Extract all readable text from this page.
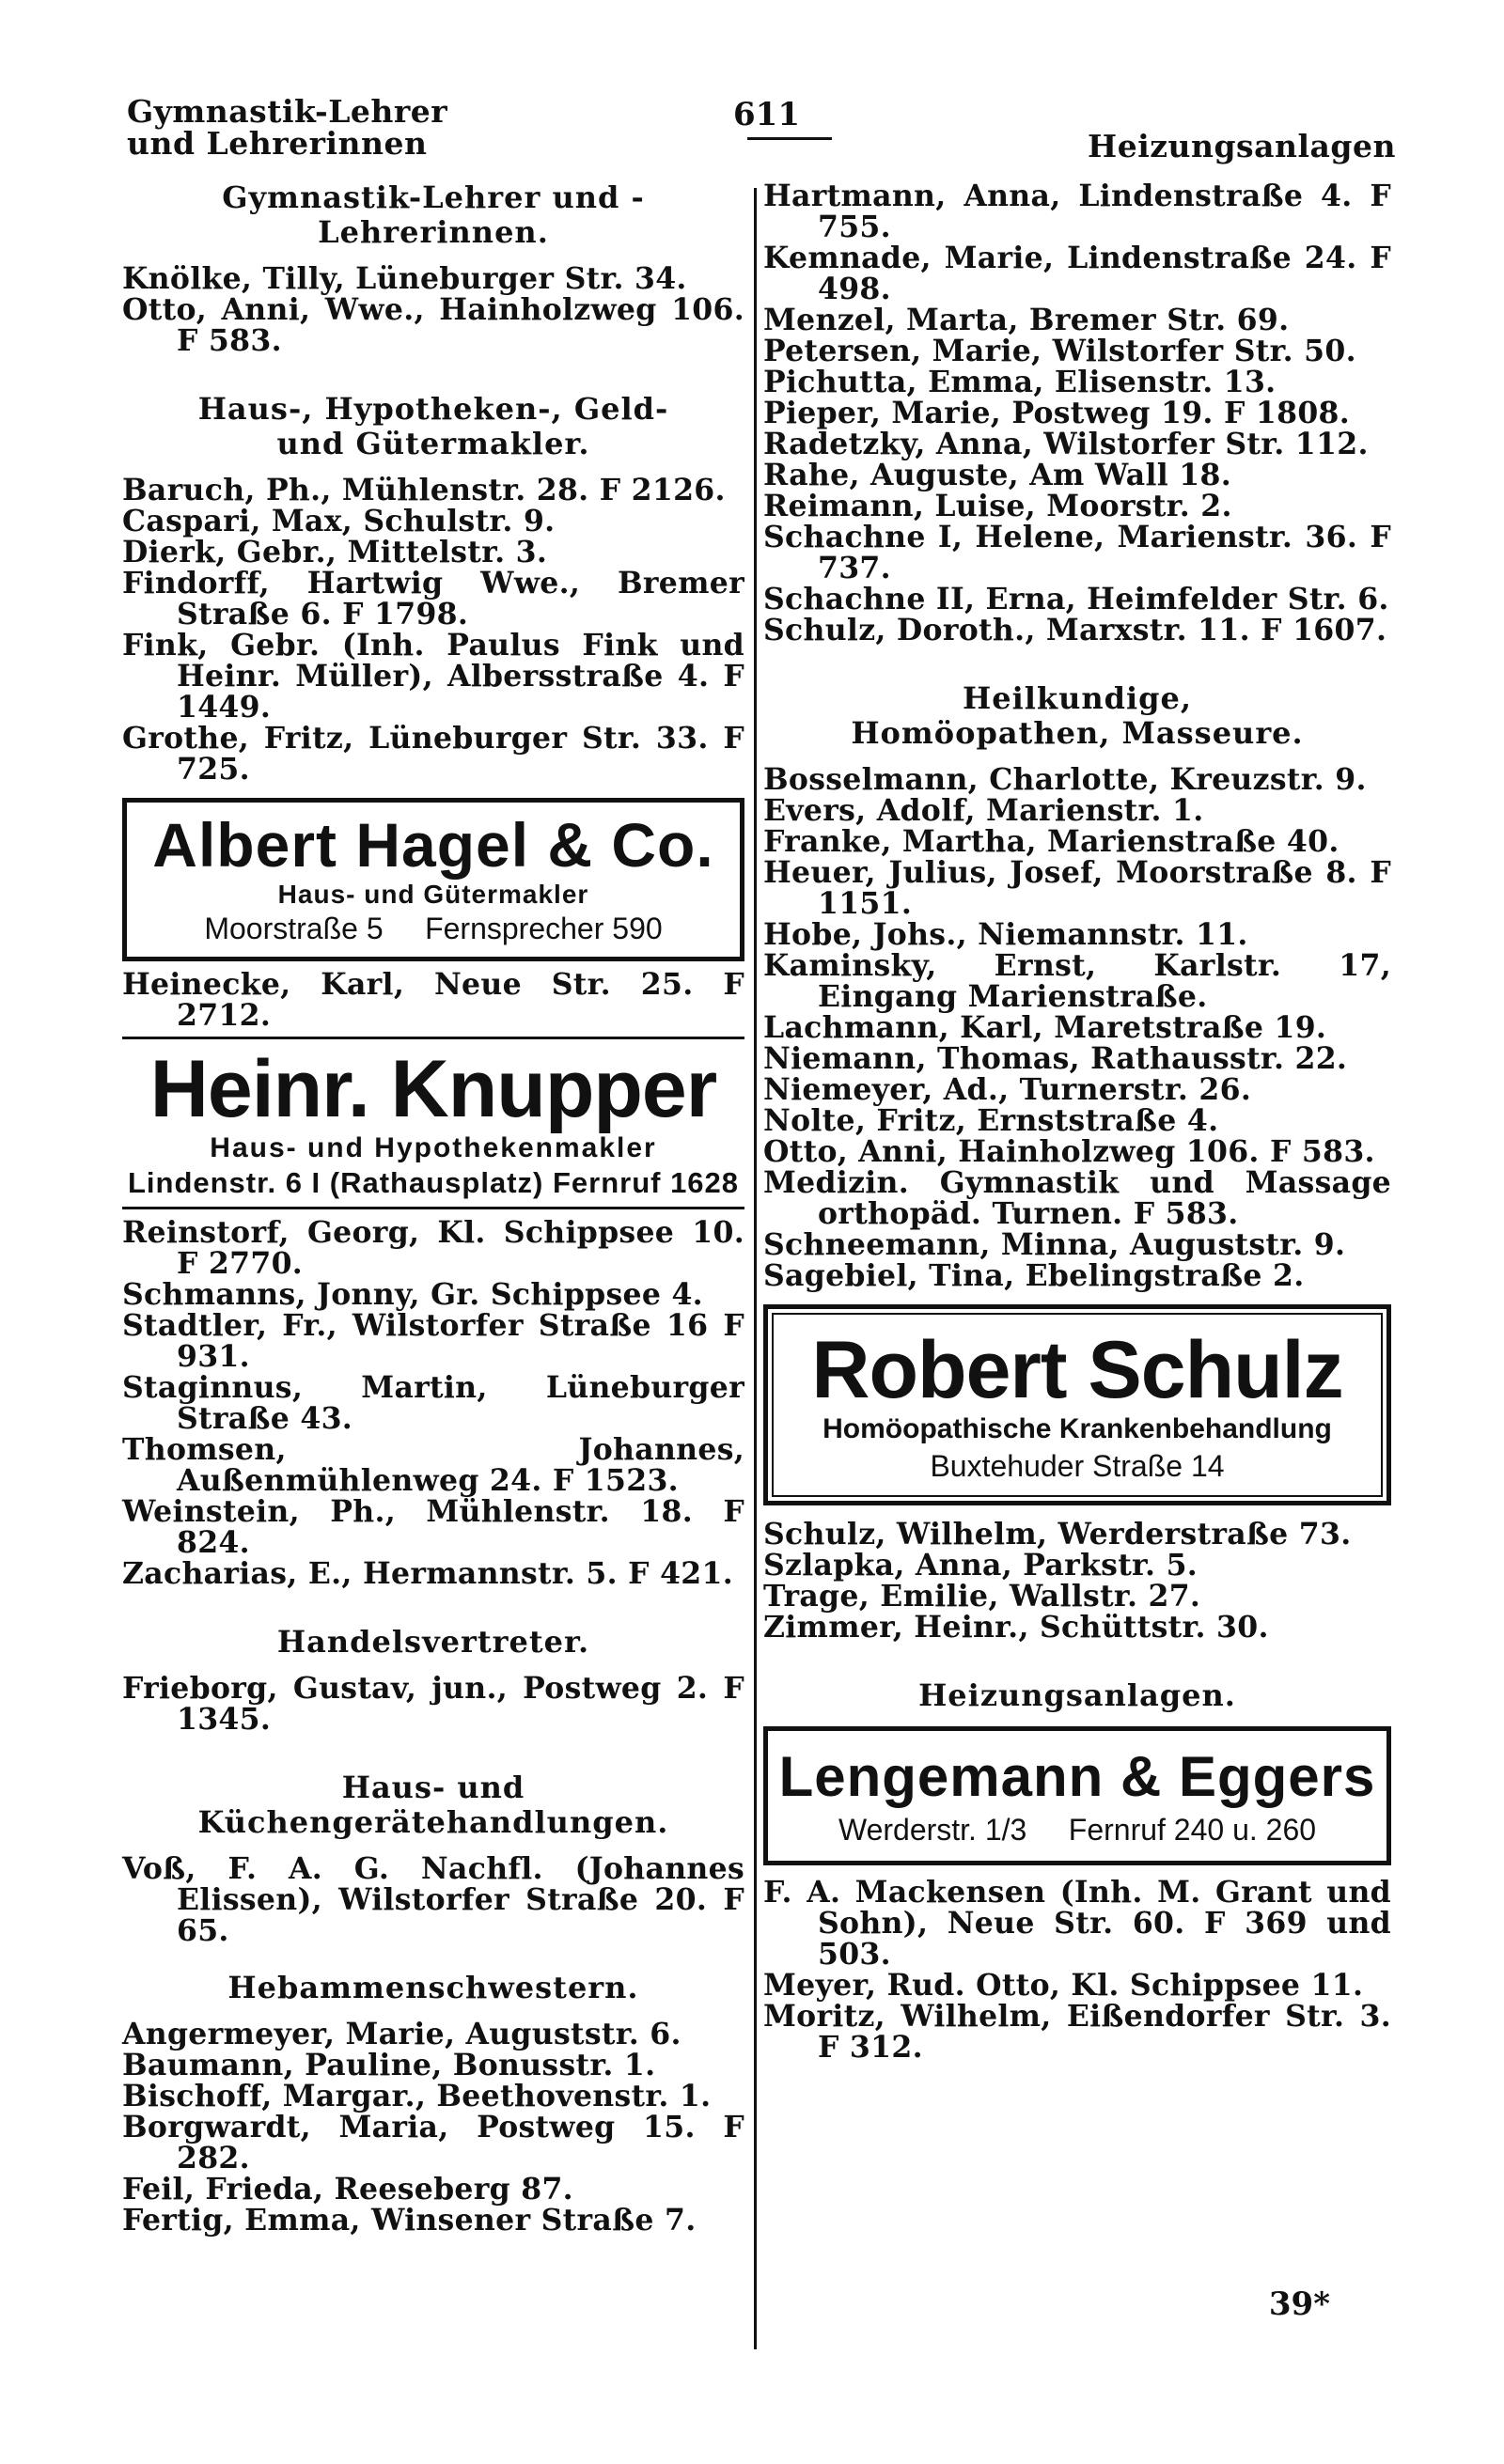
Gymnastik-Lehrer und Lehrerinnen
611
Heizungsanlagen
Gymnastik-Lehrer und -Lehrerinnen.

Knölke, Tilly, Lüneburger Str. 34.

Otto, Anni, Wwe., Hainholzweg 106. F 583.

Haus-, Hypotheken-, Geld- und Gütermakler.

Baruch, Ph., Mühlenstr. 28. F 2126.

Caspari, Max, Schulstr. 9.

Dierk, Gebr., Mittelstr. 3.

Findorff, Hartwig Wwe., Bremer Straße 6. F 1798.

Fink, Gebr. (Inh. Paulus Fink und Heinr. Müller), Albersstraße 4. F 1449.

Grothe, Fritz, Lüneburger Str. 33. F 725.

Albert Hagel & Co.
Haus- und Gütermakler
Moorstraße 5 Fernsprecher 590

Heinecke, Karl, Neue Str. 25. F 2712.

Heinr. Knupper
Haus- und Hypothekenmakler
Lindenstr. 6 I (Rathausplatz) Fernruf 1628

Reinstorf, Georg, Kl. Schippsee 10. F 2770.

Schmanns, Jonny, Gr. Schippsee 4.

Stadtler, Fr., Wilstorfer Straße 16 F 931.

Staginnus, Martin, Lüneburger Straße 43.

Thomsen, Johannes, Außenmühlenweg 24. F 1523.

Weinstein, Ph., Mühlenstr. 18. F 824.

Zacharias, E., Hermannstr. 5. F 421.

Handelsvertreter.

Frieborg, Gustav, jun., Postweg 2. F 1345.

Haus- und Küchengerätehandlungen.

Voß, F. A. G. Nachfl. (Johannes Elissen), Wilstorfer Straße 20. F 65.

Hebammenschwestern.

Angermeyer, Marie, Auguststr. 6.

Baumann, Pauline, Bonusstr. 1.

Bischoff, Margar., Beethovenstr. 1.

Borgwardt, Maria, Postweg 15. F 282.

Feil, Frieda, Reeseberg 87.

Fertig, Emma, Winsener Straße 7.

Hartmann, Anna, Lindenstraße 4. F 755.

Kemnade, Marie, Lindenstraße 24. F 498.

Menzel, Marta, Bremer Str. 69.

Petersen, Marie, Wilstorfer Str. 50.

Pichutta, Emma, Elisenstr. 13.

Pieper, Marie, Postweg 19. F 1808.

Radetzky, Anna, Wilstorfer Str. 112.

Rahe, Auguste, Am Wall 18.

Reimann, Luise, Moorstr. 2.

Schachne I, Helene, Marienstr. 36. F 737.

Schachne II, Erna, Heimfelder Str. 6.

Schulz, Doroth., Marxstr. 11. F 1607.

Heilkundige, Homöopathen, Masseure.

Bosselmann, Charlotte, Kreuzstr. 9.

Evers, Adolf, Marienstr. 1.

Franke, Martha, Marienstraße 40.

Heuer, Julius, Josef, Moorstraße 8. F 1151.

Hobe, Johs., Niemannstr. 11.

Kaminsky, Ernst, Karlstr. 17, Eingang Marienstraße.

Lachmann, Karl, Maretstraße 19.

Niemann, Thomas, Rathausstr. 22.

Niemeyer, Ad., Turnerstr. 26.

Nolte, Fritz, Ernststraße 4.

Otto, Anni, Hainholzweg 106. F 583.

Medizin. Gymnastik und Massage orthopäd. Turnen. F 583.

Schneemann, Minna, Auguststr. 9.

Sagebiel, Tina, Ebelingstraße 2.

Robert Schulz
Homöopathische Krankenbehandlung
Buxtehuder Straße 14

Schulz, Wilhelm, Werderstraße 73.

Szlapka, Anna, Parkstr. 5.

Trage, Emilie, Wallstr. 27.

Zimmer, Heinr., Schüttstr. 30.

Heizungsanlagen.
Lengemann & Eggers
Werderstr. 1/3 Fernruf 240 u. 260

F. A. Mackensen (Inh. M. Grant und Sohn), Neue Str. 60. F 369 und 503.

Meyer, Rud. Otto, Kl. Schippsee 11.

Moritz, Wilhelm, Eißendorfer Str. 3. F 312.

39*
